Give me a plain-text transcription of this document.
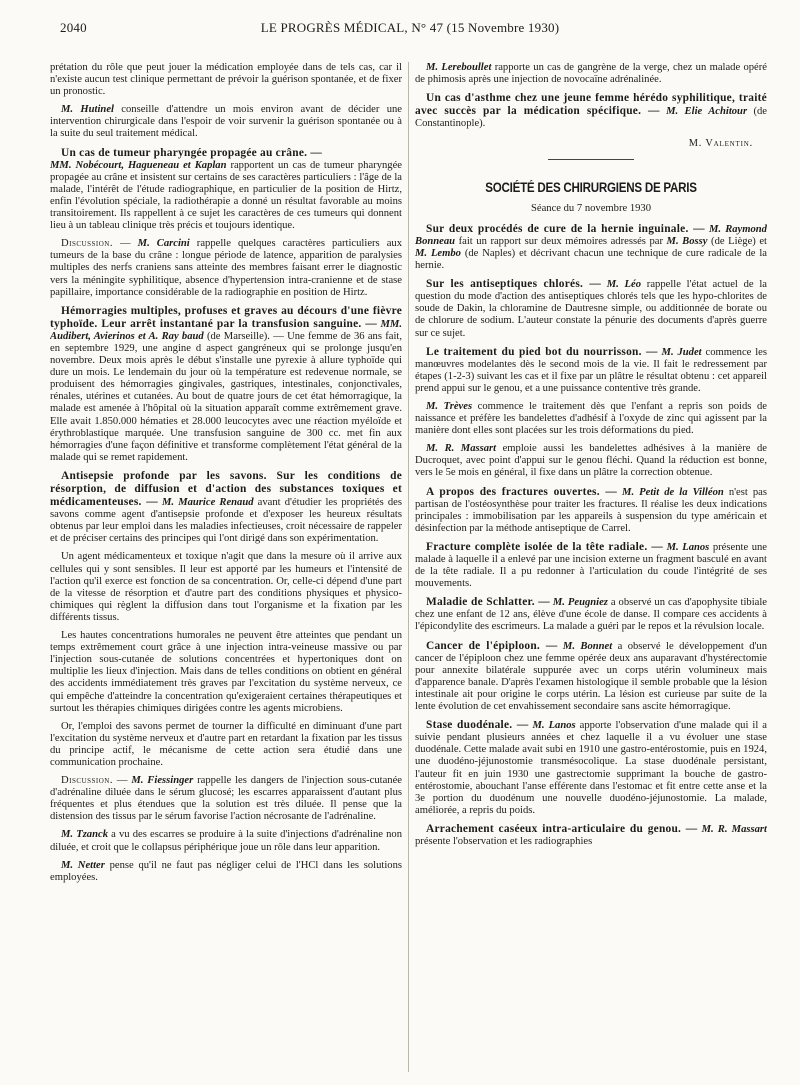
2040	LE PROGRÈS MÉDICAL, N° 47 (15 Novembre 1930)

prétation du rôle que peut jouer la médication employée dans de tels cas, car il n'existe aucun test clinique permettant de prévoir la guérison spontanée, et de fixer un pronostic.

M. Hutinel conseille d'attendre un mois environ avant de décider une intervention chirurgicale dans l'espoir de voir survenir la guérison spontanée ou à la suite du seul traitement médical.

Un cas de tumeur pharyngée propagée au crâne. —
MM. Nobécourt, Hagueneau et Kaplan rapportent un cas de tumeur pharyngée propagée au crâne et insistent sur certains de ses caractères particuliers : l'âge de la malade, l'intérêt de l'étude radiographique, en particulier de la position de Hirtz, enfin l'évolution spéciale, la radiothérapie a donné un résultat favorable au moins transitoirement. Ils rappellent à ce sujet les caractères de ces tumeurs qui donnent lieu à un tableau clinique très précis et toujours identique.

Discussion. — M. Carcini rappelle quelques caractères particuliers aux tumeurs de la base du crâne : longue période de latence, apparition de paralysies multiples des nerfs craniens sans atteinte des membres faisant errer le diagnostic vers la méningite syphilitique, absence d'hypertension intra-cranienne et de stase papillaire, importance considérable de la radiographie en position de Hirtz.

Hémorragies multiples, profuses et graves au décours d'une fièvre typhoïde. Leur arrêt instantané par la transfusion sanguine. — MM. Audibert, Avierinos et A. Ray baud (de Marseille). — Une femme de 36 ans fait, en septembre 1929, une angine d aspect gangréneux qui se prolonge jusqu'en novembre. Deux mois après le début s'installe une pyrexie à allure typhoïde qui dure un mois. Le lendemain du jour où la température est redevenue normale, se produisent des hémorragies gingivales, gastriques, intestinales, conjonctivales, rénales, utérines et cutanées. Au bout de quatre jours de cet état hémorragique, la malade est amenée à l'hôpital où la situation apparaît comme extrêmement grave. Elle avait 1.850.000 hématies et 28.000 leucocytes avec une réaction myéloïde et érythroblastique marquée. Une transfusion sanguine de 300 cc. met fin aux hémorragies d'une façon définitive et transforme complètement l'état général de la malade qui se remet rapidement.

Antisepsie profonde par les savons. Sur les conditions de résorption, de diffusion et d'action des substances toxiques et médicamenteuses. — M. Maurice Renaud avant d'étudier les propriétés des savons comme agent d'antisepsie profonde et d'exposer les heureux résultats obtenus par leur emploi dans les maladies infectieuses, croit nécessaire de rappeler et de préciser certains des principes qui l'ont dirigé dans son expérimentation.

Un agent médicamenteux et toxique n'agit que dans la mesure où il arrive aux cellules qui y sont sensibles. Il leur est apporté par les humeurs et l'intensité de l'action qu'il exerce est fonction de sa concentration. Or, celle-ci dépend d'une part de la vitesse de résorption et d'autre part des conditions physiques et physico-chimiques qui règlent la diffusion dans tout l'organisme et la fixation par les différents tissus.

Les hautes concentrations humorales ne peuvent être atteintes que pendant un temps extrêmement court grâce à une injection intra-veineuse massive ou par l'injection sous-cutanée de solutions concentrées et hypertoniques dont on multiplie les lieux d'injection. Mais dans de telles conditions on obtient en général des accidents immédiatement très graves par l'excitation du système nerveux, ce qui empêche d'atteindre la concentration qu'exigeraient certaines thérapeutiques et surtout les thérapies chimiques dirigées contre les agents microbiens.

Or, l'emploi des savons permet de tourner la difficulté en diminuant d'une part l'excitation du système nerveux et d'autre part en retardant la fixation par les tissus du principe actif, le mécanisme de cette action sera étudié dans une communication prochaine.

Discussion. — M. Fiessinger rappelle les dangers de l'injection sous-cutanée d'adrénaline diluée dans le sérum glucosé; les escarres apparaissent d'autant plus fréquentes et plus étendues que la solution est très diluée. Il pense que la distension des tissus par le sérum favorise l'action nécrosante de l'adrénaline.

M. Tzanck a vu des escarres se produire à la suite d'injections d'adrénaline non diluée, et croit que le collapsus périphérique joue un rôle dans leur apparition.

M. Netter pense qu'il ne faut pas négliger celui de l'HCl dans les solutions employées.

M. Lereboullet rapporte un cas de gangrène de la verge, chez un malade opéré de phimosis après une injection de novocaïne adrénalinée.

Un cas d'asthme chez une jeune femme hérédo syphilitique, traité avec succès par la médication spécifique. — M. Elie Achitour (de Constantinople).

M. Valentin.
SOCIÉTÉ DES CHIRURGIENS DE PARIS
Séance du 7 novembre 1930

Sur deux procédés de cure de la hernie inguinale. — M. Raymond Bonneau fait un rapport sur deux mémoires adressés par M. Bossy (de Liège) et M. Lembo (de Naples) et décrivant chacun une technique de cure radicale de la hernie.

Sur les antiseptiques chlorés. — M. Léo rappelle l'état actuel de la question du mode d'action des antiseptiques chlorés tels que les hypo-chlorites de soude de Dakin, la chloramine de Dautresne simple, ou additionnée de borate ou de chlorure de sodium. L'auteur constate la pénurie des documents d'après guerre sur ce sujet.

Le traitement du pied bot du nourrisson. — M. Judet commence les manœuvres modelantes dès le second mois de la vie. Il fait le redressement par étapes (1-2-3) suivant les cas et il fixe par un plâtre le résultat obtenu : cet appareil prend appui sur le genou, et a une puissance contentive très grande.

M. Trèves commence le traitement dès que l'enfant a repris son poids de naissance et préfère les bandelettes d'adhésif à l'oxyde de zinc qui agissent par la manière dont elles sont placées sur les trois déformations du pied.

M. R. Massart emploie aussi les bandelettes adhésives à la manière de Ducroquet, avec point d'appui sur le genou fléchi. Quand la réduction est bonne, vers le 5e mois en général, il fixe dans un plâtre la correction obtenue.

A propos des fractures ouvertes. — M. Petit de la Villéon n'est pas partisan de l'ostéosynthèse pour traiter les fractures. Il réalise les deux indications principales : immobilisation par les appareils à suspension du type américain et désinfection par la méthode antiseptique de Carrel.

Fracture complète isolée de la tête radiale. — M. Lanos présente une malade à laquelle il a enlevé par une incision externe un fragment basculé en avant de la tête radiale. Il a pu redonner à l'articulation du coude l'intégrité de ses mouvements.

Maladie de Schlatter. — M. Peugniez a observé un cas d'apophysite tibiale chez une enfant de 12 ans, élève d'une école de danse. Il compare ces accidents à l'épicondylite des escrimeurs. La malade a guéri par le repos et la révulsion locale.

Cancer de l'épiploon. — M. Bonnet a observé le développement d'un cancer de l'épiploon chez une femme opérée deux ans auparavant d'hystérectomie pour annexite bilatérale suppurée avec un corps utérin volumineux mais d'apparence banale. D'après l'examen histologique il semble probable que la lésion intestinale ait pour origine le corps utérin. La lésion est curieuse par suite de la lente évolution de cet envahissement secondaire sans ascite hémorragique.

Stase duodénale. — M. Lanos apporte l'observation d'une malade qui il a suivie pendant plusieurs années et chez laquelle il a vu évoluer une stase duodénale. Cette malade avait subi en 1910 une gastro-entérostomie, puis en 1924, une duodéno-jéjunostomie transmésocolique. La stase duodénale persistant, l'auteur fit en juin 1930 une gastrectomie supprimant la bouche de gastro-entérostomie, abouchant l'anse efférente dans l'estomac et fit entre cette anse et la 3e portion du duodénum une nouvelle duodéno-jéjunostomie. La malade, améliorée, a repris du poids.

Arrachement caséeux intra-articulaire du genou. — M. R. Massart présente l'observation et les radiographies
